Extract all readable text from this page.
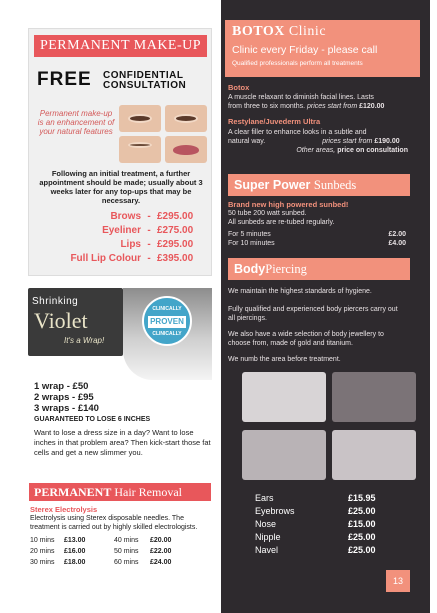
PERMANENT MAKE-UP
FREE CONFIDENTIAL
CONSULTATION
Permanent make-up is an enhancement of your natural features
Following an initial treatment, a further appointment should be made; usually about 3 weeks later for any top-ups that may be necessary.
Brows - £295.00
Eyeliner - £275.00
Lips - £295.00
Full Lip Colour - £395.00
Shrinking
Violet
It's a Wrap!
CLINICALLY
PROVEN
CLINICALLY
1 wrap - £50
2 wraps - £95
3 wraps - £140
GUARANTEED TO LOSE 6 INCHES
Want to lose a dress size in a day? Want to lose inches in that problem area? Then kick-start those fat cells and get a new slimmer you.
PERMANENT Hair Removal
Sterex Electrolysis
Electrolysis using Sterex disposable needles. The treatment is carried out by highly skilled electrologists.
10 mins	£13.00	40 mins	£20.00
20 mins	£16.00	50 mins	£22.00
30 mins	£18.00	60 mins	£24.00
BOTOX Clinic
Clinic every Friday - please call
Qualified professionals perform all treatments
Botox
A muscle relaxant to diminish facial lines. Lasts
from three to six months. prices start from £120.00
Restylane/Juvederm Ultra
A clear filler to enhance looks in a subtle and
natural way.	prices start from £190.00
Other areas, price on consultation
Super Power Sunbeds
Brand new high powered sunbed!
50 tube 200 watt sunbed.
All sunbeds are re-tubed regularly.
For 5 minutes	£2.00
For 10 minutes	£4.00
BodyPiercing
We maintain the highest standards of hygiene.
Fully qualified and experienced body piercers carry out all piercings.
We also have a wide selection of body jewellery to choose from, made of gold and titanium.
We numb the area before treatment.
Ears	£15.95
Eyebrows	£25.00
Nose	£15.00
Nipple	£25.00
Navel	£25.00
13
